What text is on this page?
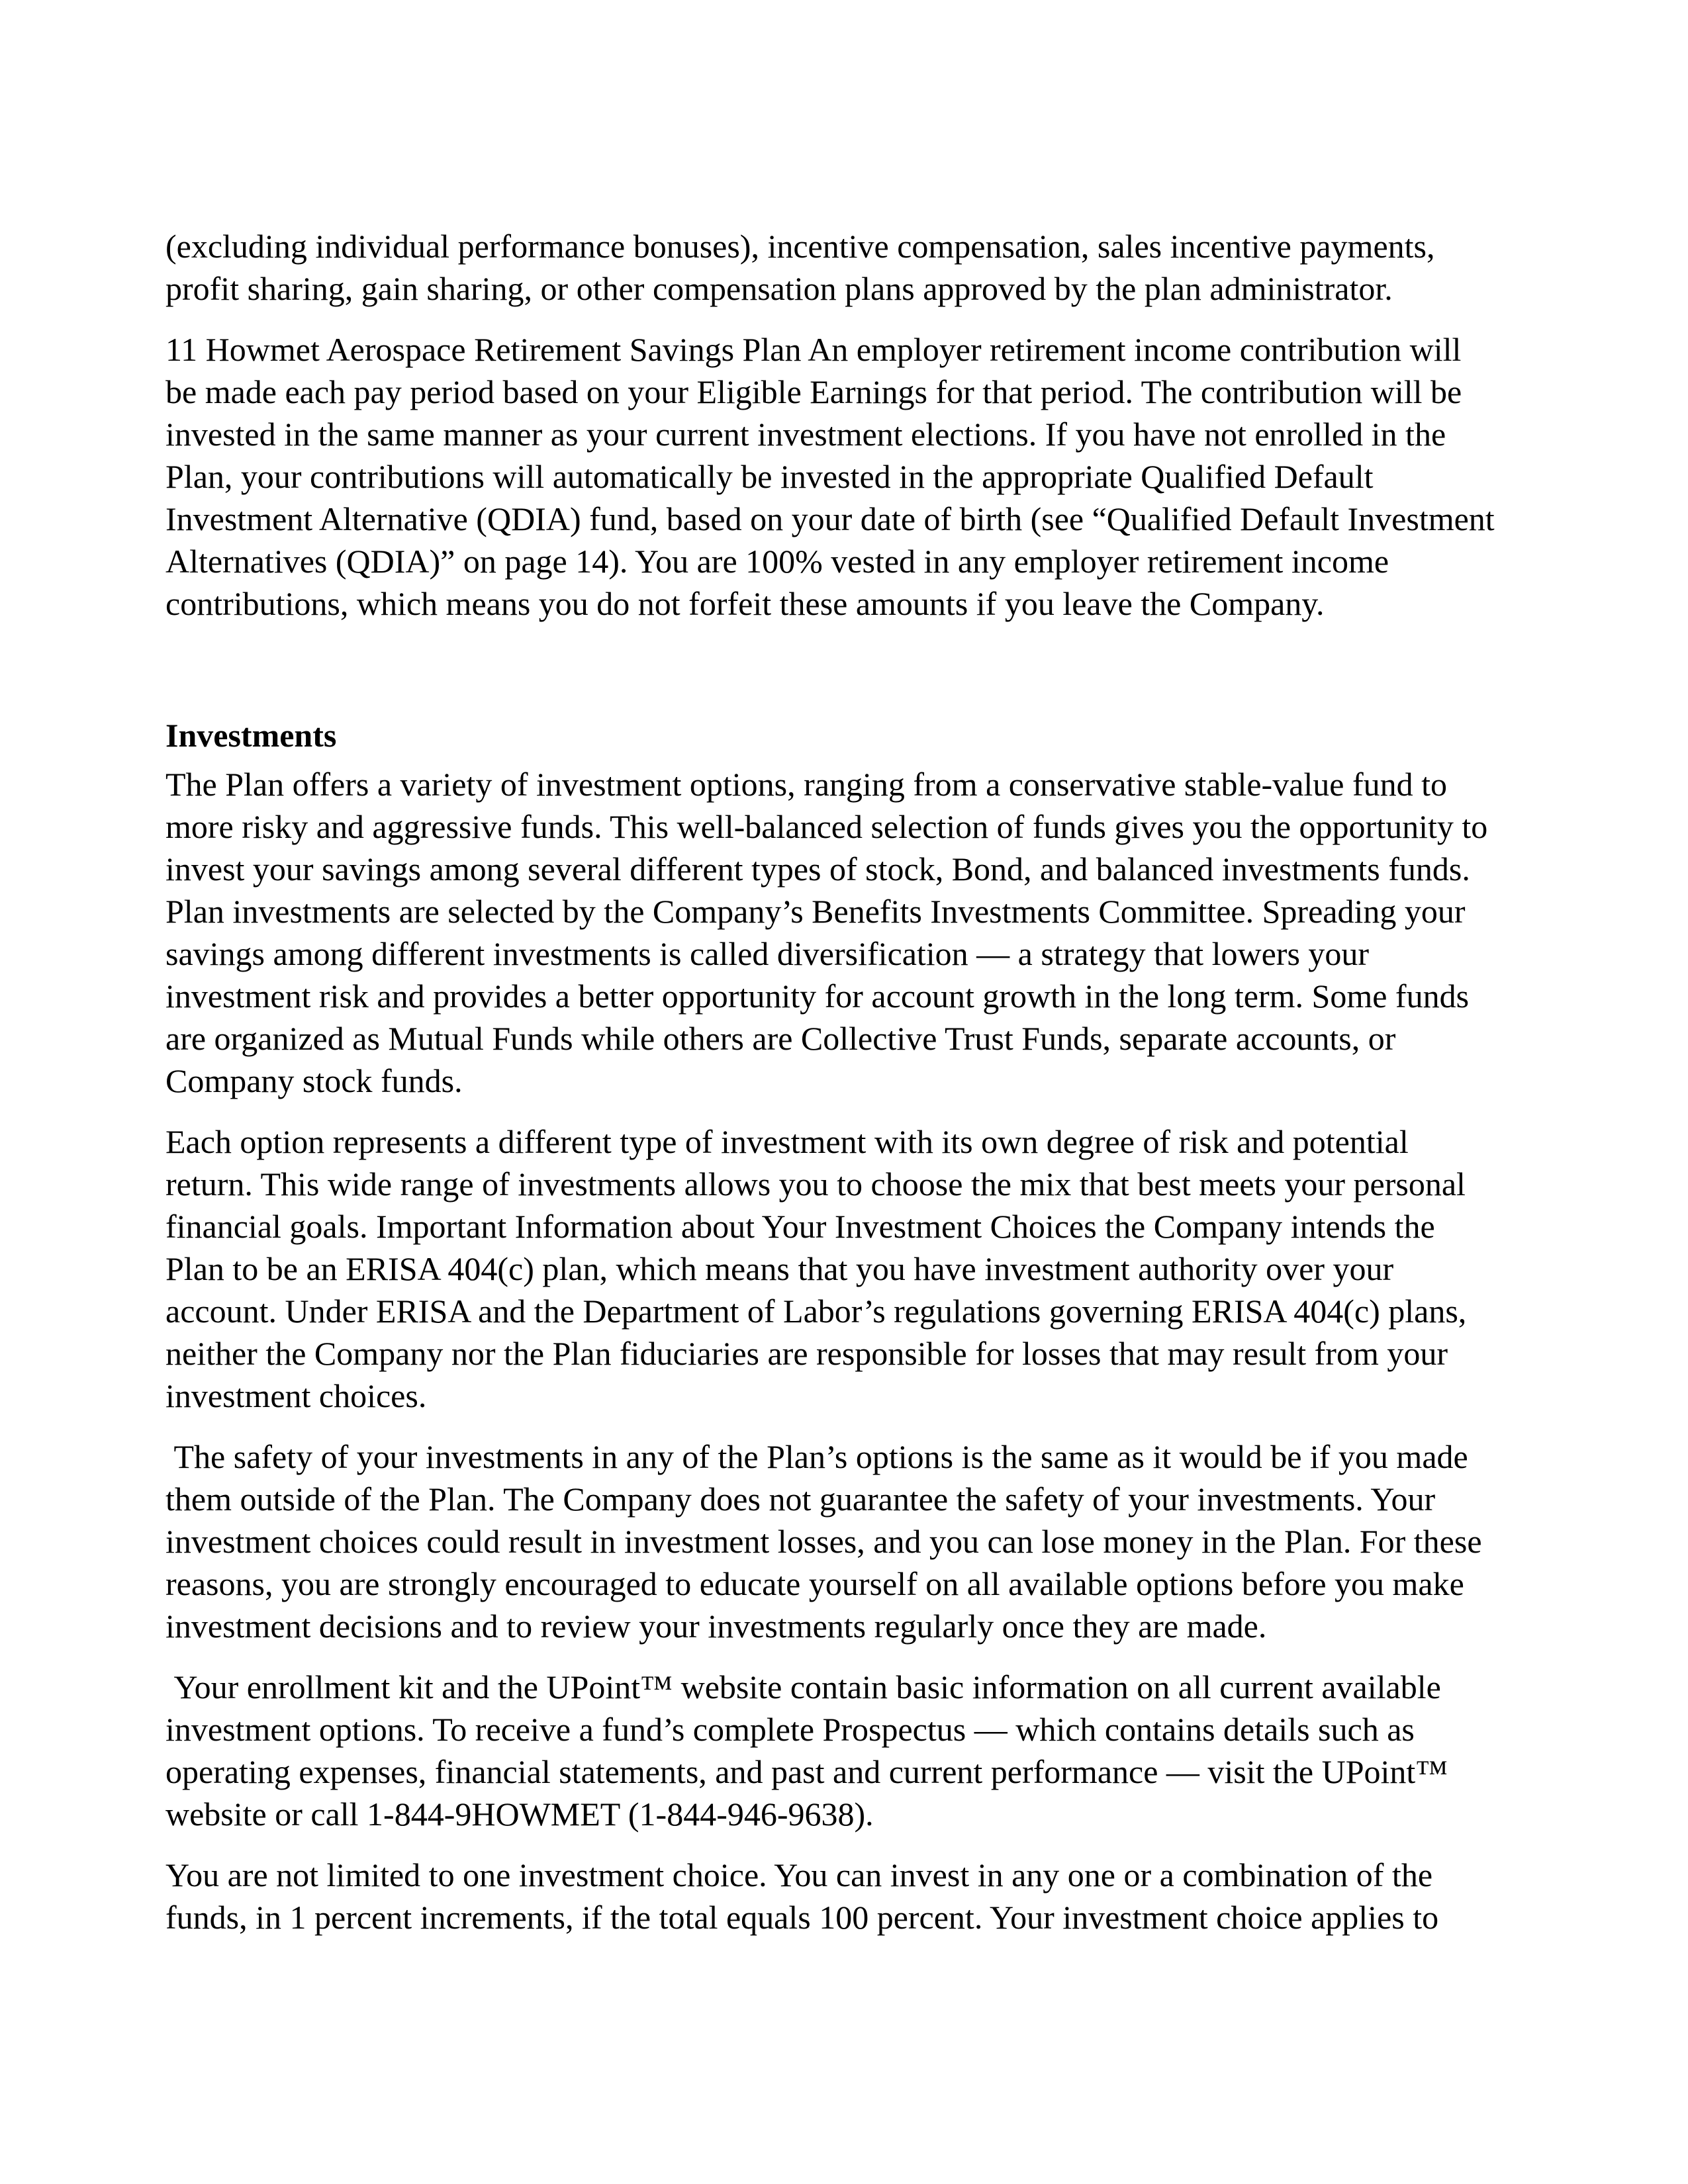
(excluding individual performance bonuses), incentive compensation, sales incentive payments, profit sharing, gain sharing, or other compensation plans approved by the plan administrator.

11 Howmet Aerospace Retirement Savings Plan An employer retirement income contribution will be made each pay period based on your Eligible Earnings for that period. The contribution will be invested in the same manner as your current investment elections. If you have not enrolled in the Plan, your contributions will automatically be invested in the appropriate Qualified Default Investment Alternative (QDIA) fund, based on your date of birth (see “Qualified Default Investment Alternatives (QDIA)” on page 14). You are 100% vested in any employer retirement income contributions, which means you do not forfeit these amounts if you leave the Company.

Investments

The Plan offers a variety of investment options, ranging from a conservative stable-value fund to more risky and aggressive funds. This well-balanced selection of funds gives you the opportunity to invest your savings among several different types of stock, Bond, and balanced investments funds. Plan investments are selected by the Company’s Benefits Investments Committee. Spreading your savings among different investments is called diversification — a strategy that lowers your investment risk and provides a better opportunity for account growth in the long term. Some funds are organized as Mutual Funds while others are Collective Trust Funds, separate accounts, or Company stock funds.

Each option represents a different type of investment with its own degree of risk and potential return. This wide range of investments allows you to choose the mix that best meets your personal financial goals. Important Information about Your Investment Choices the Company intends the Plan to be an ERISA 404(c) plan, which means that you have investment authority over your account. Under ERISA and the Department of Labor’s regulations governing ERISA 404(c) plans, neither the Company nor the Plan fiduciaries are responsible for losses that may result from your investment choices.

The safety of your investments in any of the Plan’s options is the same as it would be if you made them outside of the Plan. The Company does not guarantee the safety of your investments. Your investment choices could result in investment losses, and you can lose money in the Plan. For these reasons, you are strongly encouraged to educate yourself on all available options before you make investment decisions and to review your investments regularly once they are made.

Your enrollment kit and the UPoint™ website contain basic information on all current available investment options. To receive a fund’s complete Prospectus — which contains details such as operating expenses, financial statements, and past and current performance — visit the UPoint™ website or call 1-844-9HOWMET (1-844-946-9638).

You are not limited to one investment choice. You can invest in any one or a combination of the funds, in 1 percent increments, if the total equals 100 percent. Your investment choice applies to
